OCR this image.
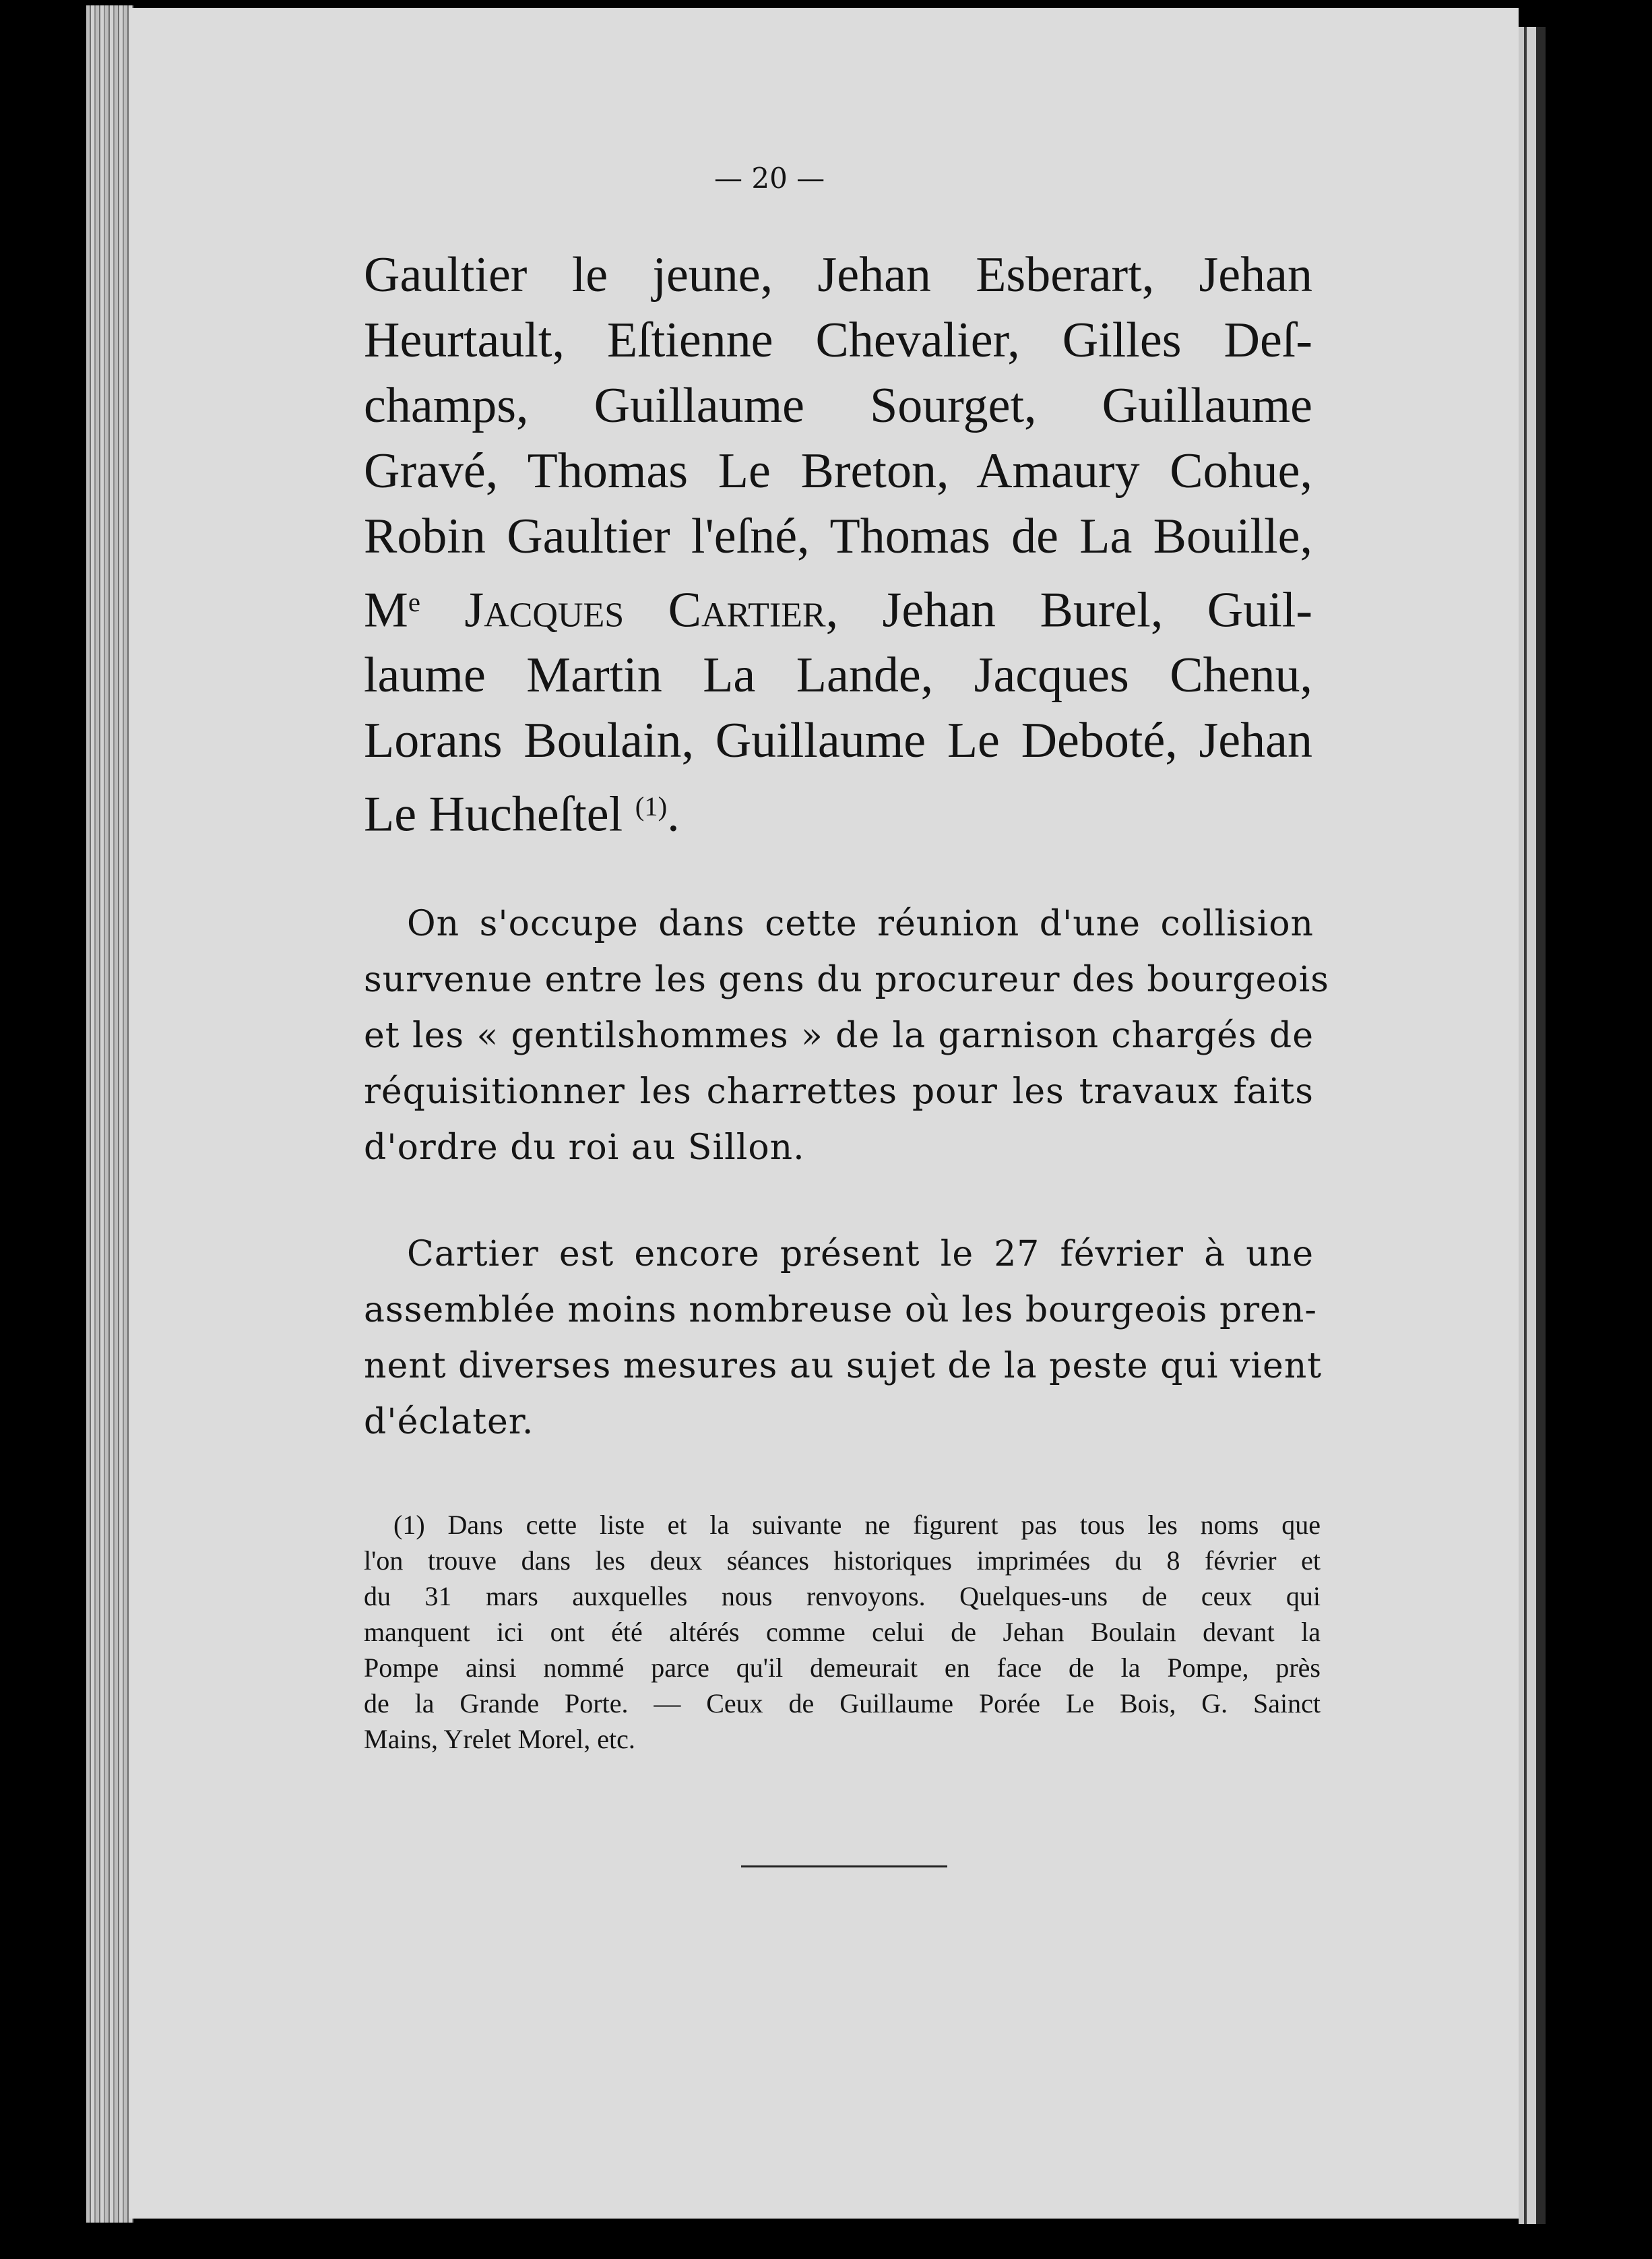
— 20 —
Gaultier le jeune, Jehan Esberart, Jehan
Heurtault, Eſtienne Chevalier, Gilles Deſ-
champs, Guillaume Sourget, Guillaume
Gravé, Thomas Le Breton, Amaury Cohue,
Robin Gaultier l'eſné, Thomas de La Bouille,
Me Jacques Cartier, Jehan Burel, Guil-
laume Martin La Lande, Jacques Chenu,
Lorans Boulain, Guillaume Le Deboté, Jehan
Le Hucheſtel $^{(1)}$.
On s'occupe dans cette réunion d'une collision
survenue entre les gens du procureur des bourgeois
et les « gentilshommes » de la garnison chargés de
réquisitionner les charrettes pour les travaux faits
d'ordre du roi au Sillon.
Cartier est encore présent le 27 février à une
assemblée moins nombreuse où les bourgeois pren-
nent diverses mesures au sujet de la peste qui vient
d'éclater.
(1) Dans cette liste et la suivante ne figurent pas tous les noms que
l'on trouve dans les deux séances historiques imprimées du 8 février et
du 31 mars auxquelles nous renvoyons. Quelques-uns de ceux qui
manquent ici ont été altérés comme celui de Jehan Boulain devant la
Pompe ainsi nommé parce qu'il demeurait en face de la Pompe, près
de la Grande Porte. — Ceux de Guillaume Porée Le Bois, G. Sainct
Mains, Yrelet Morel, etc.
